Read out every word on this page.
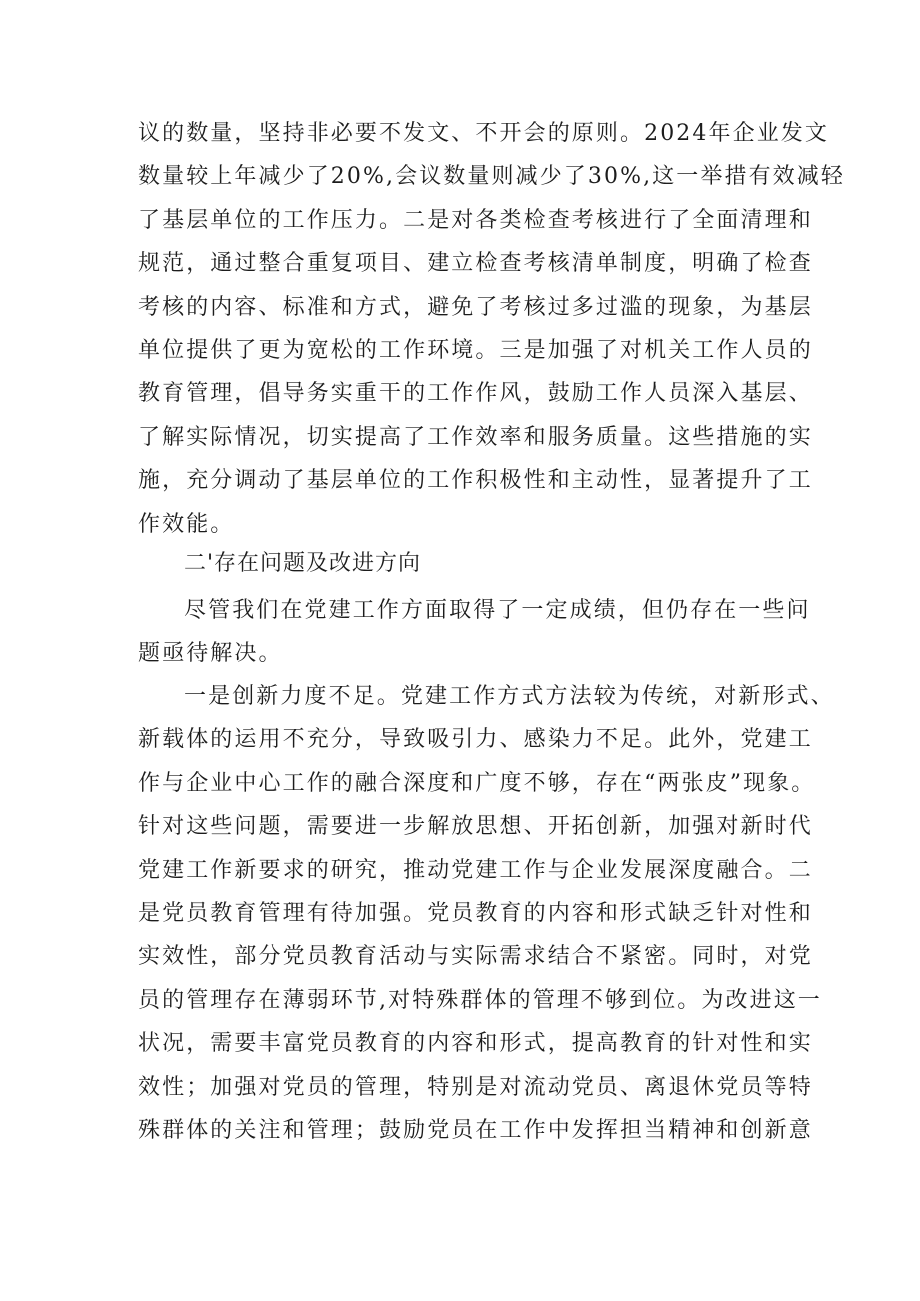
议的数量，坚持非必要不发文、不开会的原则。2024年企业发文
数量较上年减少了20%,会议数量则减少了30%,这一举措有效减轻
了基层单位的工作压力。二是对各类检查考核进行了全面清理和
规范，通过整合重复项目、建立检查考核清单制度，明确了检查
考核的内容、标准和方式，避免了考核过多过滥的现象，为基层
单位提供了更为宽松的工作环境。三是加强了对机关工作人员的
教育管理，倡导务实重干的工作作风，鼓励工作人员深入基层、
了解实际情况，切实提高了工作效率和服务质量。这些措施的实
施，充分调动了基层单位的工作积极性和主动性，显著提升了工
作效能。
二'存在问题及改进方向
尽管我们在党建工作方面取得了一定成绩，但仍存在一些问
题亟待解决。
一是创新力度不足。党建工作方式方法较为传统，对新形式、
新载体的运用不充分，导致吸引力、感染力不足。此外，党建工
作与企业中心工作的融合深度和广度不够，存在“两张皮”现象。
针对这些问题，需要进一步解放思想、开拓创新，加强对新时代
党建工作新要求的研究，推动党建工作与企业发展深度融合。二
是党员教育管理有待加强。党员教育的内容和形式缺乏针对性和
实效性，部分党员教育活动与实际需求结合不紧密。同时，对党
员的管理存在薄弱环节,对特殊群体的管理不够到位。为改进这一
状况，需要丰富党员教育的内容和形式，提高教育的针对性和实
效性；加强对党员的管理，特别是对流动党员、离退休党员等特
殊群体的关注和管理；鼓励党员在工作中发挥担当精神和创新意
